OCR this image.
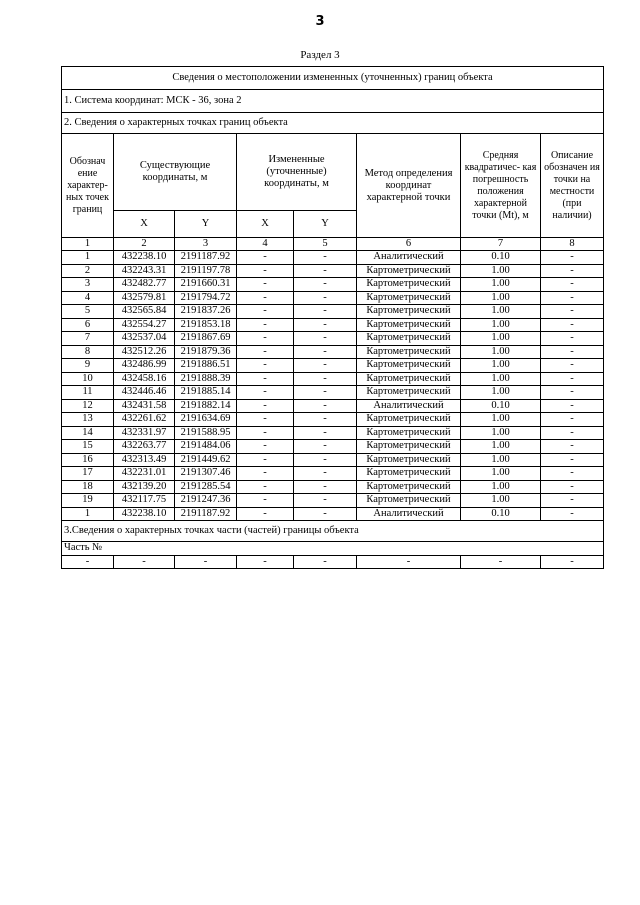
3
Раздел 3
Сведения о местоположении измененных (уточненных) границ объекта							
1. Система координат: МСК - 36, зона 2							
2. Сведения о характерных точках границ объекта							
Обознач ение характер- ных точек границ	Существующие координаты, м		Измененные (уточненные) координаты, м		Метод определения координат характерной точки	Средняя квадратичес- кая погрешность положения характерной точки (Mt), м	Описание обозначен ия точки на местности (при наличии)
	X	Y	X	Y			
1	2	3	4	5	6	7	8
1	432238.10	2191187.92	-	-	Аналитический	0.10	-
2	432243.31	2191197.78	-	-	Картометрический	1.00	-
3	432482.77	2191660.31	-	-	Картометрический	1.00	-
4	432579.81	2191794.72	-	-	Картометрический	1.00	-
5	432565.84	2191837.26	-	-	Картометрический	1.00	-
6	432554.27	2191853.18	-	-	Картометрический	1.00	-
7	432537.04	2191867.69	-	-	Картометрический	1.00	-
8	432512.26	2191879.36	-	-	Картометрический	1.00	-
9	432486.99	2191886.51	-	-	Картометрический	1.00	-
10	432458.16	2191888.39	-	-	Картометрический	1.00	-
11	432446.46	2191885.14	-	-	Картометрический	1.00	-
12	432431.58	2191882.14	-	-	Аналитический	0.10	-
13	432261.62	2191634.69	-	-	Картометрический	1.00	-
14	432331.97	2191588.95	-	-	Картометрический	1.00	-
15	432263.77	2191484.06	-	-	Картометрический	1.00	-
16	432313.49	2191449.62	-	-	Картометрический	1.00	-
17	432231.01	2191307.46	-	-	Картометрический	1.00	-
18	432139.20	2191285.54	-	-	Картометрический	1.00	-
19	432117.75	2191247.36	-	-	Картометрический	1.00	-
1	432238.10	2191187.92	-	-	Аналитический	0.10	-
3.Сведения о характерных точках части (частей) границы объекта							
Часть №							
-	-	-	-	-	-	-	-
